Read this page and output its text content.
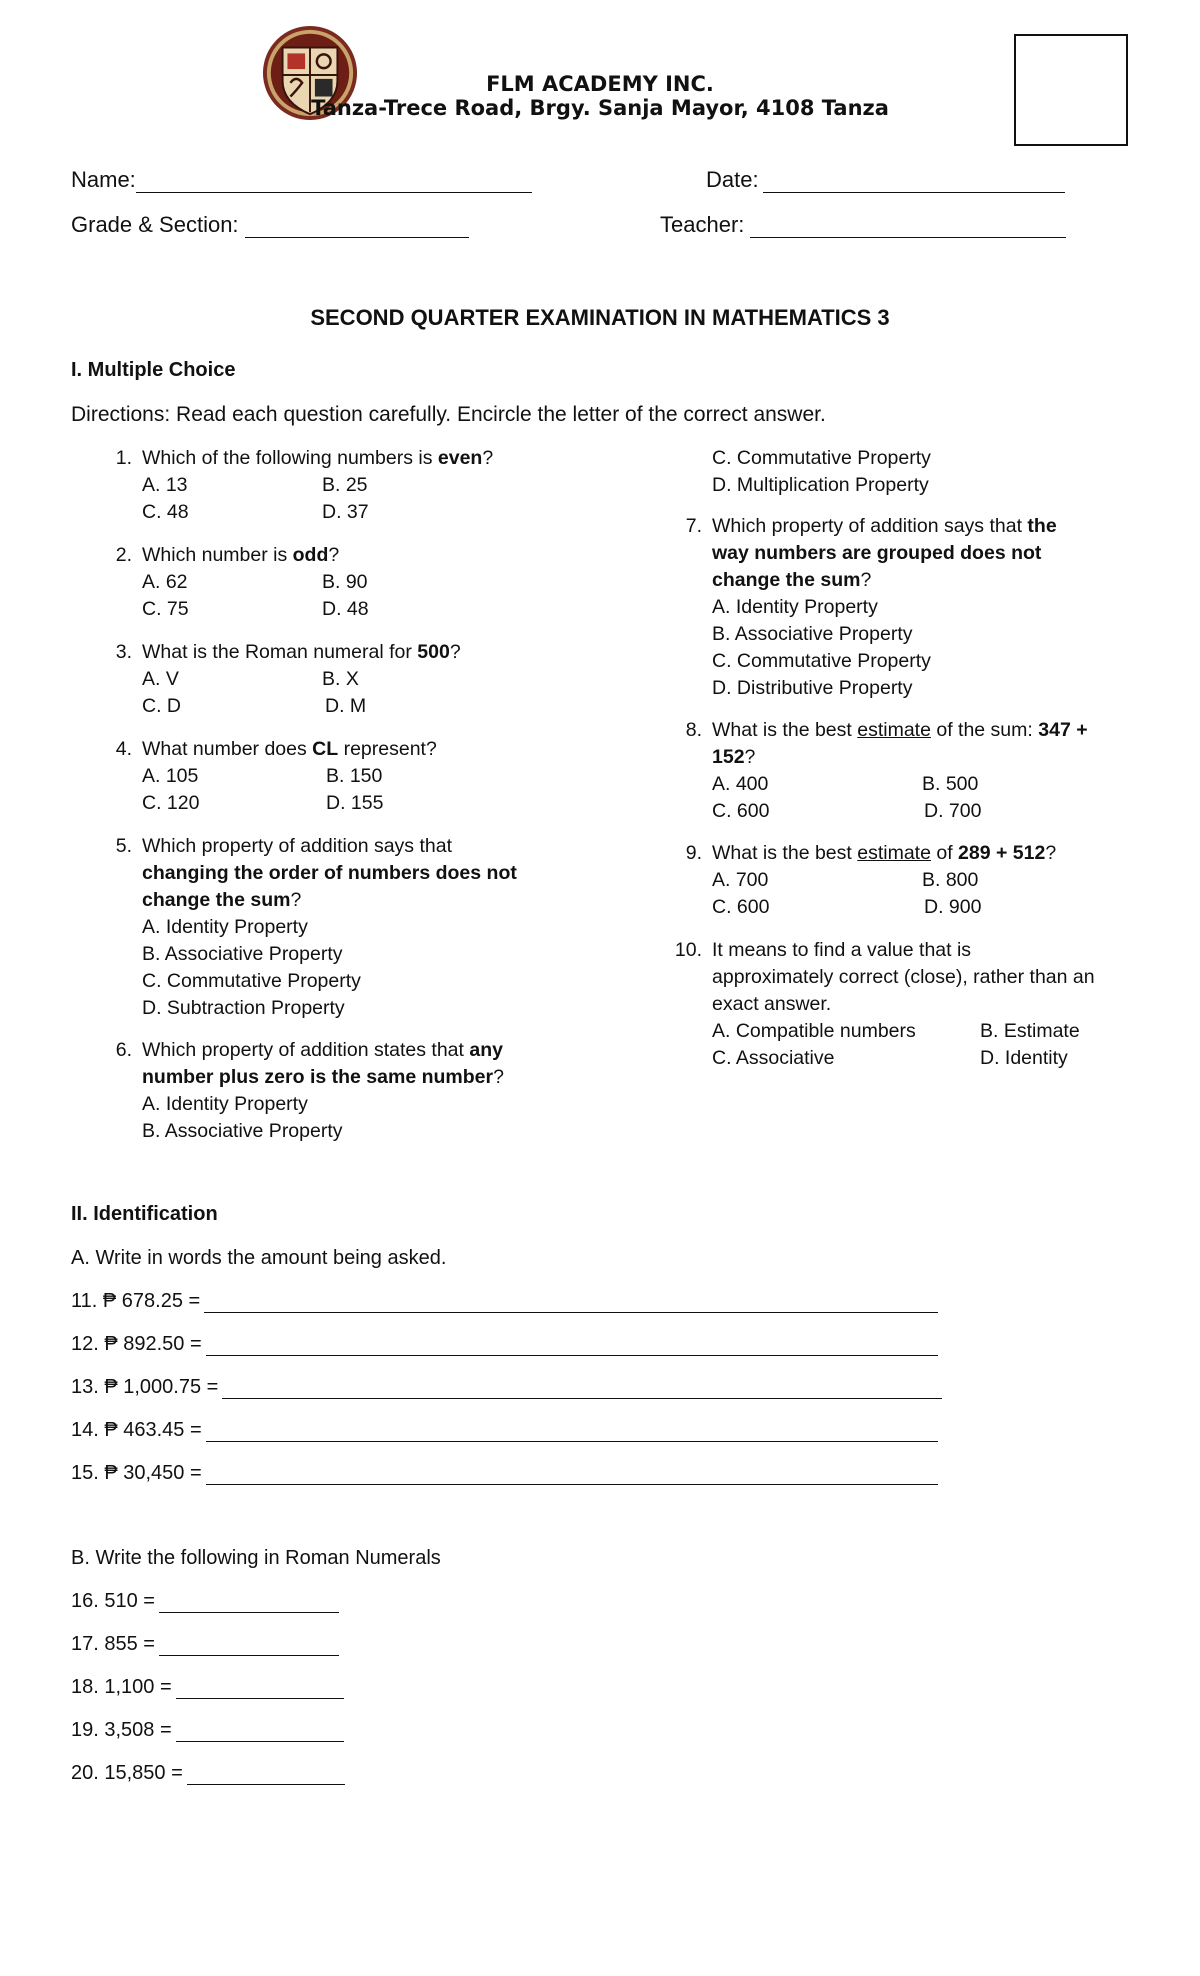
FLM ACADEMY INC.
Tanza-Trece Road, Brgy. Sanja Mayor, 4108 Tanza
Name:	Date:
Grade & Section:	Teacher:
SECOND QUARTER EXAMINATION IN MATHEMATICS 3
I. Multiple Choice
Directions: Read each question carefully. Encircle the letter of the correct answer.
1. Which of the following numbers is even?
A. 13	B. 25
C. 48	D. 37
2. Which number is odd?
A. 62	B. 90
C. 75	D. 48
3. What is the Roman numeral for 500?
A. V	B. X
C. D	D. M
4. What number does CL represent?
A. 105	B. 150
C. 120	D. 155
5. Which property of addition says that
changing the order of numbers does not
change the sum?
A. Identity Property
B. Associative Property
C. Commutative Property
D. Subtraction Property
6. Which property of addition states that any
number plus zero is the same number?
A. Identity Property
B. Associative Property
C. Commutative Property
D. Multiplication Property
7. Which property of addition says that the
way numbers are grouped does not
change the sum?
A. Identity Property
B. Associative Property
C. Commutative Property
D. Distributive Property
8. What is the best estimate of the sum: 347 +
152?
A. 400	B. 500
C. 600	D. 700
9. What is the best estimate of 289 + 512?
A. 700	B. 800
C. 600	D. 900
10. It means to find a value that is
approximately correct (close), rather than an
exact answer.
A. Compatible numbers	B. Estimate
C. Associative	D. Identity
II. Identification
A. Write in words the amount being asked.
11. ₱ 678.25 =
12. ₱ 892.50 =
13. ₱ 1,000.75 =
14. ₱ 463.45 =
15. ₱ 30,450 =
B. Write the following in Roman Numerals
16. 510 =
17. 855 =
18. 1,100 =
19. 3,508 =
20. 15,850 =
